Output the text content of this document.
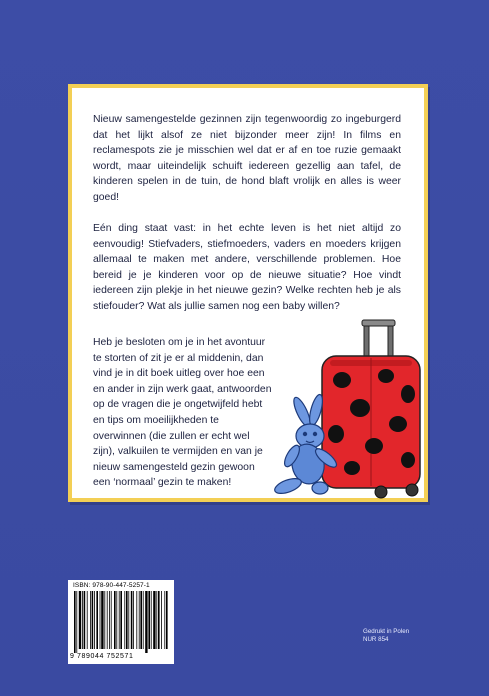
Nieuw samengestelde gezinnen zijn tegenwoordig zo ingeburgerd dat het lijkt alsof ze niet bijzonder meer zijn! In films en reclamespots zie je misschien wel dat er af en toe ruzie gemaakt wordt, maar uiteindelijk schuift iedereen gezellig aan tafel, de kinderen spelen in de tuin, de hond blaft vrolijk en alles is weer goed!

Eén ding staat vast: in het echte leven is het niet altijd zo eenvoudig! Stiefvaders, stiefmoeders, vaders en moeders krijgen allemaal te maken met andere, verschillende problemen. Hoe bereid je je kinderen voor op de nieuwe situatie? Hoe vindt iedereen zijn plekje in het nieuwe gezin? Welke rechten heb je als stiefouder? Wat als jullie samen nog een baby willen?

Heb je besloten om je in het avontuur te storten of zit je er al middenin, dan vind je in dit boek uitleg over hoe een en ander in zijn werk gaat, antwoorden op de vragen die je ongetwijfeld hebt en tips om moeilijkheden te overwinnen (die zullen er echt wel zijn), valkuilen te vermijden en van je nieuw samengesteld gezin gewoon een ‘normaal’ gezin te maken!

ISBN: 978-90-447-5257-1
9 789044 752571
Gedrukt in Polen
NUR 854
